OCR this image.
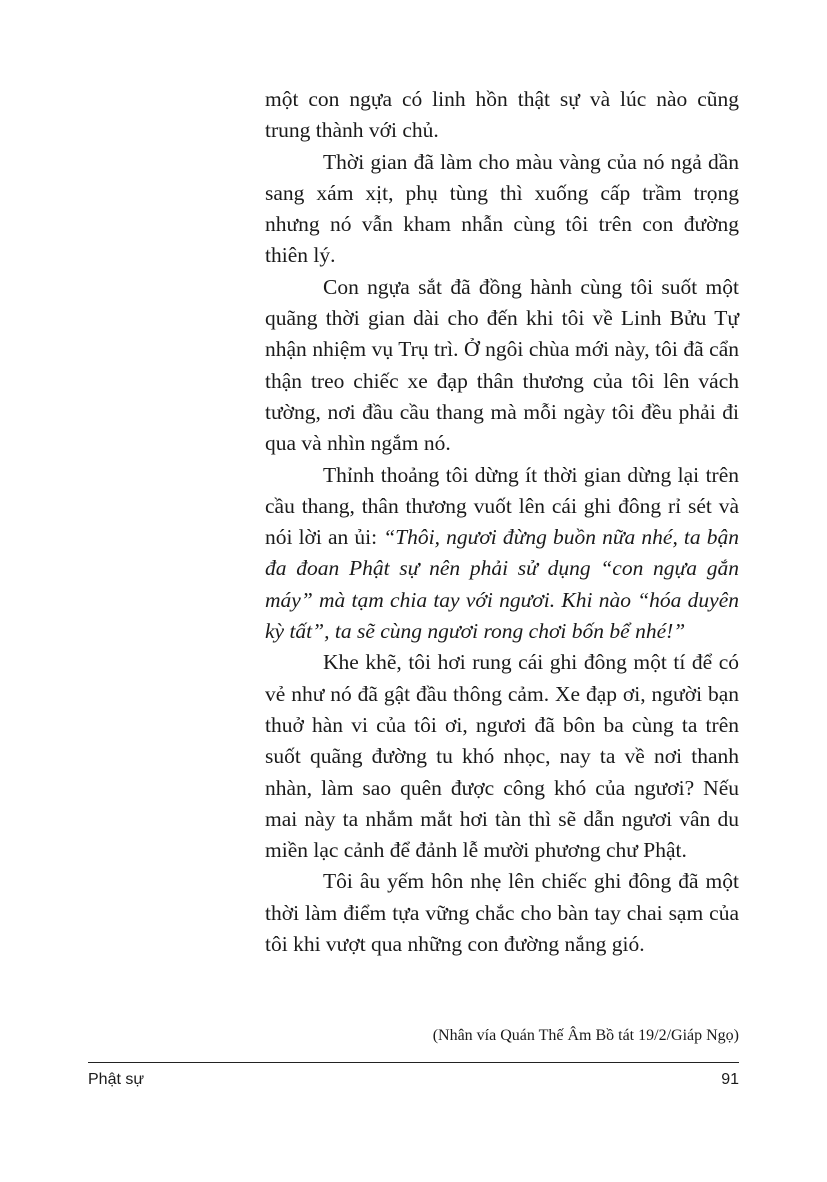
một con ngựa có linh hồn thật sự và lúc nào cũng trung thành với chủ.

Thời gian đã làm cho màu vàng của nó ngả dần sang xám xịt, phụ tùng thì xuống cấp trầm trọng nhưng nó vẫn kham nhẫn cùng tôi trên con đường thiên lý.

Con ngựa sắt đã đồng hành cùng tôi suốt một quãng thời gian dài cho đến khi tôi về Linh Bửu Tự nhận nhiệm vụ Trụ trì. Ở ngôi chùa mới này, tôi đã cẩn thận treo chiếc xe đạp thân thương của tôi lên vách tường, nơi đầu cầu thang mà mỗi ngày tôi đều phải đi qua và nhìn ngắm nó.

Thỉnh thoảng tôi dừng ít thời gian dừng lại trên cầu thang, thân thương vuốt lên cái ghi đông rỉ sét và nói lời an ủi: “Thôi, ngươi đừng buồn nữa nhé, ta bận đa đoan Phật sự nên phải sử dụng “con ngựa gắn máy” mà tạm chia tay với ngươi. Khi nào “hóa duyên kỳ tất”, ta sẽ cùng ngươi rong chơi bốn bể nhé!”

Khe khẽ, tôi hơi rung cái ghi đông một tí để có vẻ như nó đã gật đầu thông cảm. Xe đạp ơi, người bạn thuở hàn vi của tôi ơi, ngươi đã bôn ba cùng ta trên suốt quãng đường tu khó nhọc, nay ta về nơi thanh nhàn, làm sao quên được công khó của ngươi? Nếu mai này ta nhắm mắt hơi tàn thì sẽ dẫn ngươi vân du miền lạc cảnh để đảnh lễ mười phương chư Phật.

Tôi âu yếm hôn nhẹ lên chiếc ghi đông đã một thời làm điểm tựa vững chắc cho bàn tay chai sạm của tôi khi vượt qua những con đường nắng gió.

(Nhân vía Quán Thế Âm Bồ tát 19/2/Giáp Ngọ)

Phật sự	91
